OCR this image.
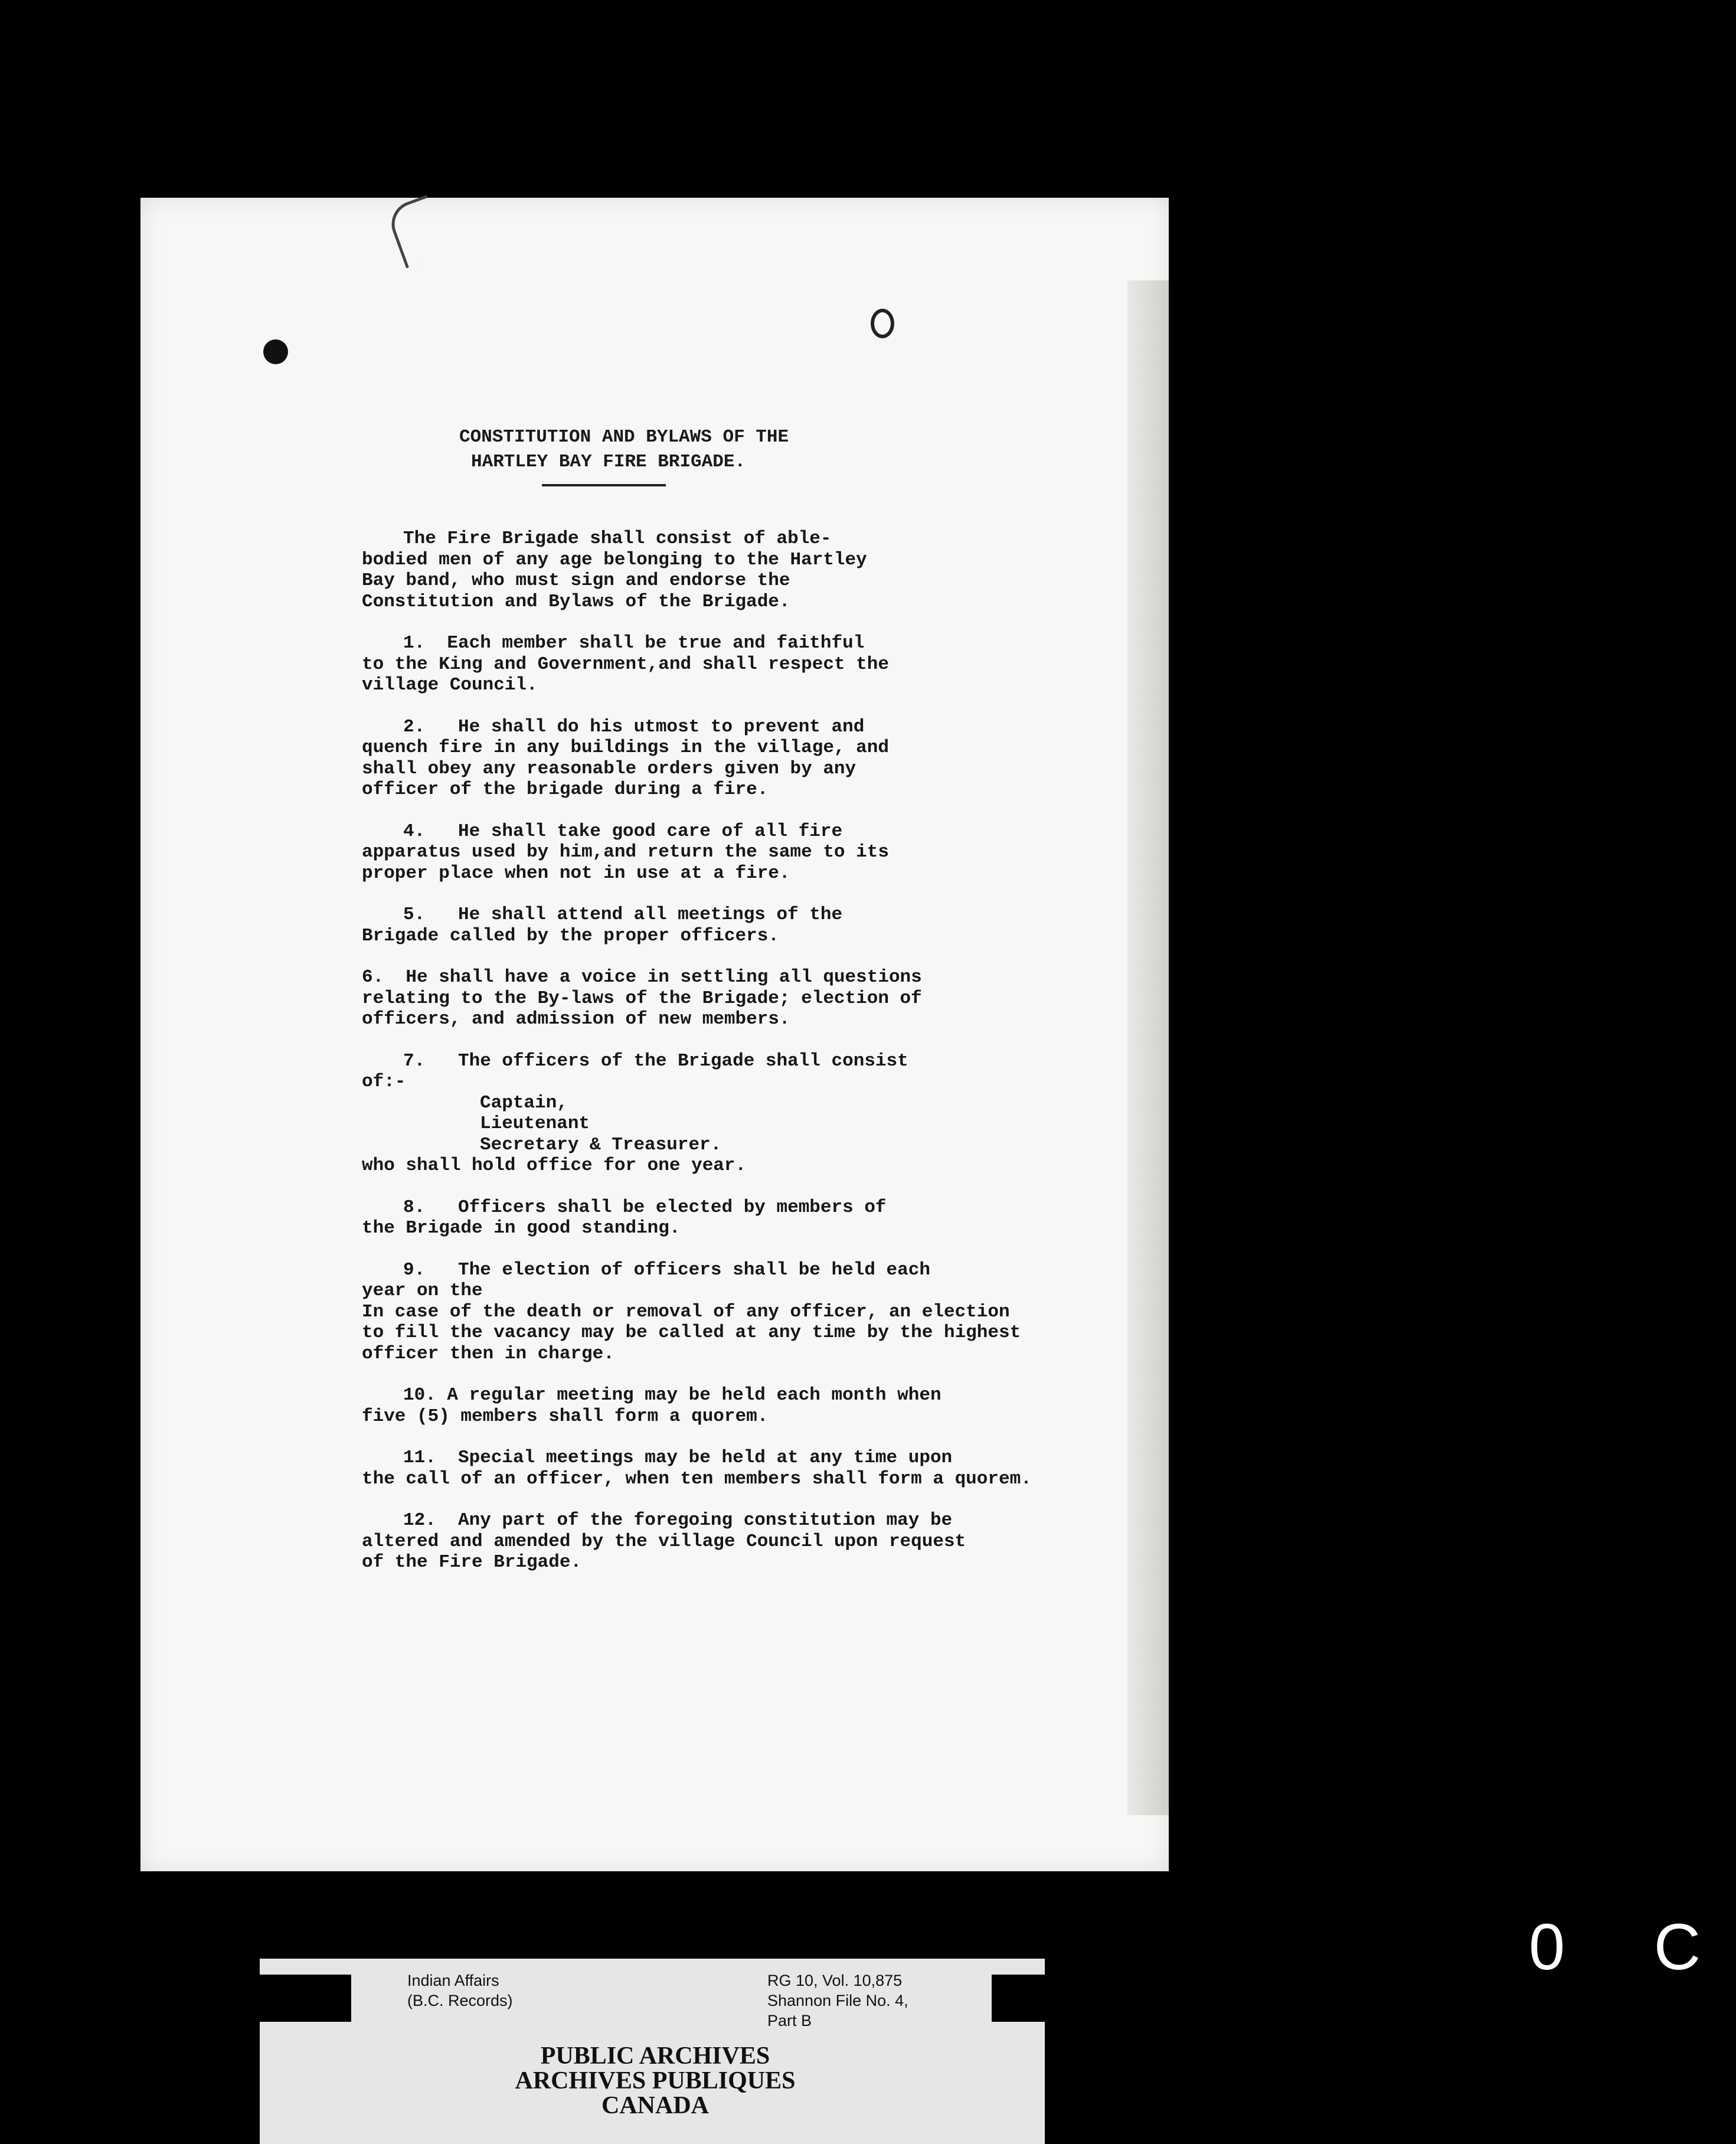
CONSTITUTION AND BYLAWS OF THE
HARTLEY BAY FIRE BRIGADE.
The Fire Brigade shall consist of able-
bodied men of any age belonging to the Hartley
Bay band, who must sign and endorse the
Constitution and Bylaws of the Brigade.
1.  Each member shall be true and faithful
to the King and Government,and shall respect the
village Council.
2.   He shall do his utmost to prevent and
quench fire in any buildings in the village, and
shall obey any reasonable orders given by any
officer of the brigade during a fire.
4.   He shall take good care of all fire
apparatus used by him,and return the same to its
proper place when not in use at a fire.
5.   He shall attend all meetings of the
Brigade called by the proper officers.
6.  He shall have a voice in settling all questions
relating to the By-laws of the Brigade; election of
officers, and admission of new members.
7.   The officers of the Brigade shall consist
of:-
Captain,
Lieutenant
Secretary & Treasurer.
who shall hold office for one year.
8.   Officers shall be elected by members of
the Brigade in good standing.
9.   The election of officers shall be held each
year on the
In case of the death or removal of any officer, an election
to fill the vacancy may be called at any time by the highest
officer then in charge.
10. A regular meeting may be held each month when
five (5) members shall form a quorem.
11.  Special meetings may be held at any time upon
the call of an officer, when ten members shall form a quorem.
12.  Any part of the foregoing constitution may be
altered and amended by the village Council upon request
of the Fire Brigade.
Indian Affairs
(B.C. Records)
RG 10, Vol. 10,875
Shannon File No. 4,
Part B
PUBLIC ARCHIVES
ARCHIVES PUBLIQUES
CANADA
0 C
